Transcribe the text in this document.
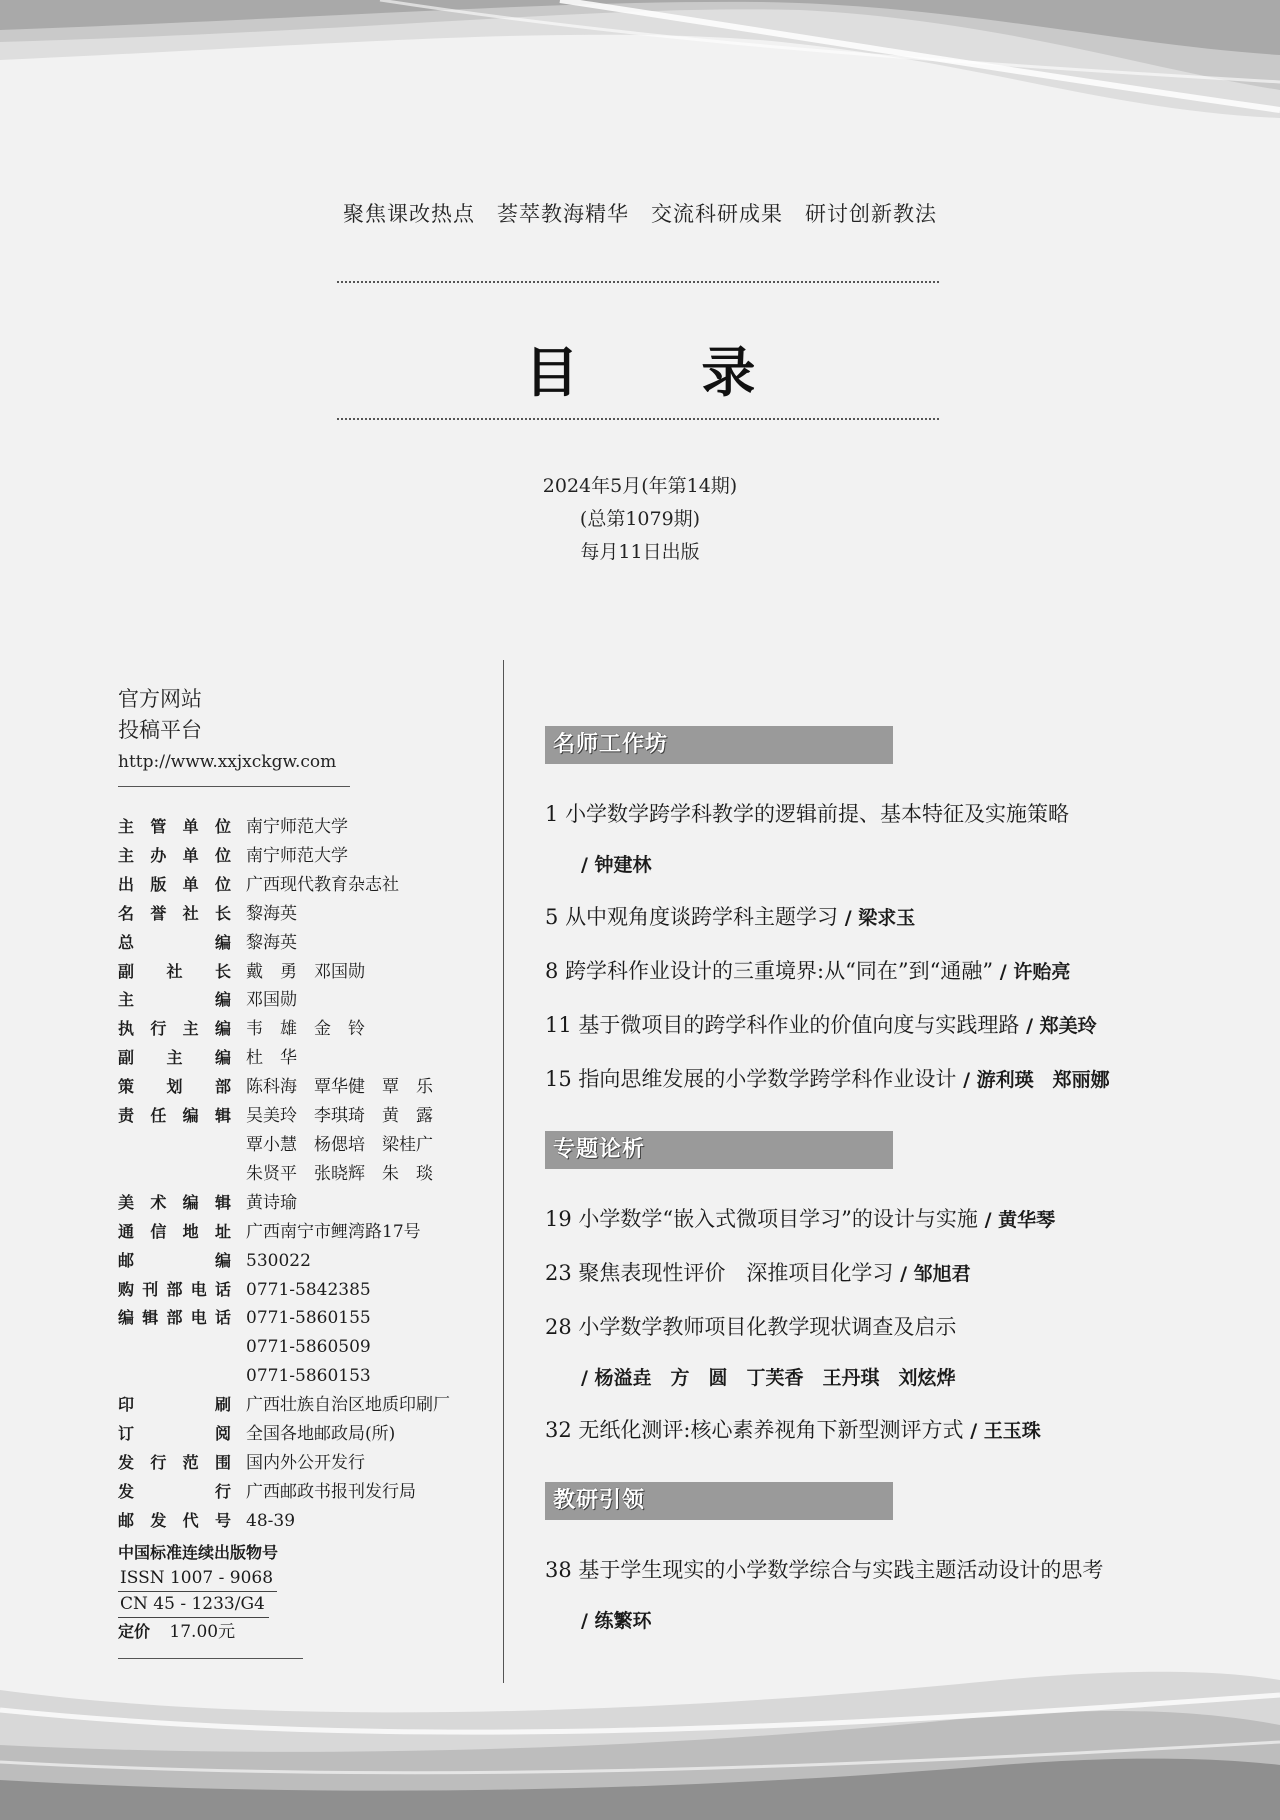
聚焦课改热点 荟萃教海精华 交流科研成果 研讨创新教法
目 录
2024年5月(年第14期)
(总第1079期)
每月11日出版
官方网站
投稿平台
http://www.xxjxckgw.com
主管单位 南宁师范大学
主办单位 南宁师范大学
出版单位 广西现代教育杂志社
名誉社长 黎海英
总编 黎海英
副社长 戴　勇　邓国勋
主编 邓国勋
执行主编 韦　雄　金　铃
副主编 杜　华
策划部 陈科海　覃华健　覃　乐
责任编辑 吴美玲　李琪琦　黄　露
覃小慧　杨偲培　梁桂广
朱贤平　张晓辉　朱　琰
美术编辑 黄诗瑜
通信地址 广西南宁市鲤湾路17号
邮编 530022
购刊部电话 0771-5842385
编辑部电话 0771-5860155
0771-5860509
0771-5860153
印刷 广西壮族自治区地质印刷厂
订阅 全国各地邮政局(所)
发行范围 国内外公开发行
发行 广西邮政书报刊发行局
邮发代号 48-39
中国标准连续出版物号
ISSN 1007 - 9068
CN 45 - 1233/G4
定价 17.00元
名师工作坊
1 小学数学跨学科教学的逻辑前提、基本特征及实施策略
/ 钟建林
5 从中观角度谈跨学科主题学习 / 梁求玉
8 跨学科作业设计的三重境界:从“同在”到“通融” / 许贻亮
11 基于微项目的跨学科作业的价值向度与实践理路 / 郑美玲
15 指向思维发展的小学数学跨学科作业设计 / 游利瑛　郑丽娜
专题论析
19 小学数学“嵌入式微项目学习”的设计与实施 / 黄华琴
23 聚焦表现性评价　深推项目化学习 / 邹旭君
28 小学数学教师项目化教学现状调查及启示
/ 杨溢垚　方　圆　丁芙香　王丹琪　刘炫烨
32 无纸化测评:核心素养视角下新型测评方式 / 王玉珠
教研引领
38 基于学生现实的小学数学综合与实践主题活动设计的思考
/ 练繁环
